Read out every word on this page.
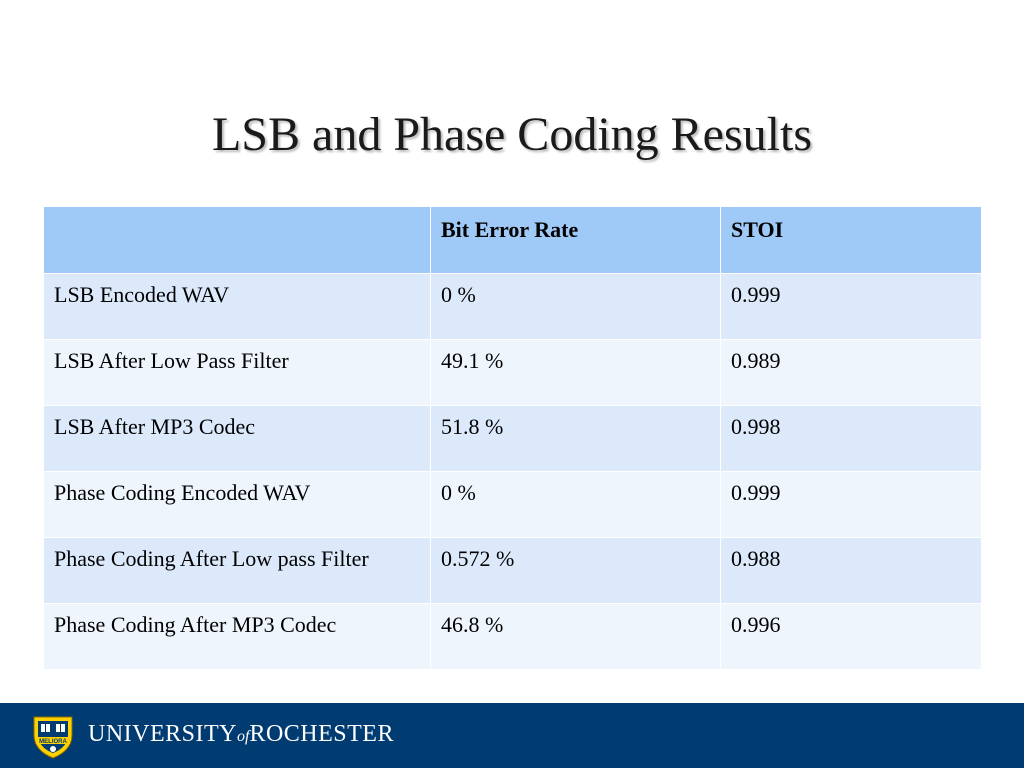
LSB and Phase Coding Results
	Bit Error Rate	STOI
LSB Encoded WAV	0 %	0.999
LSB After Low Pass Filter	49.1 %	0.989
LSB After MP3 Codec	51.8 %	0.998
Phase Coding Encoded WAV	0 %	0.999
Phase Coding After Low pass Filter	0.572 %	0.988
Phase Coding After MP3 Codec	46.8 %	0.996
MELIORA UNIVERSITYofROCHESTER
